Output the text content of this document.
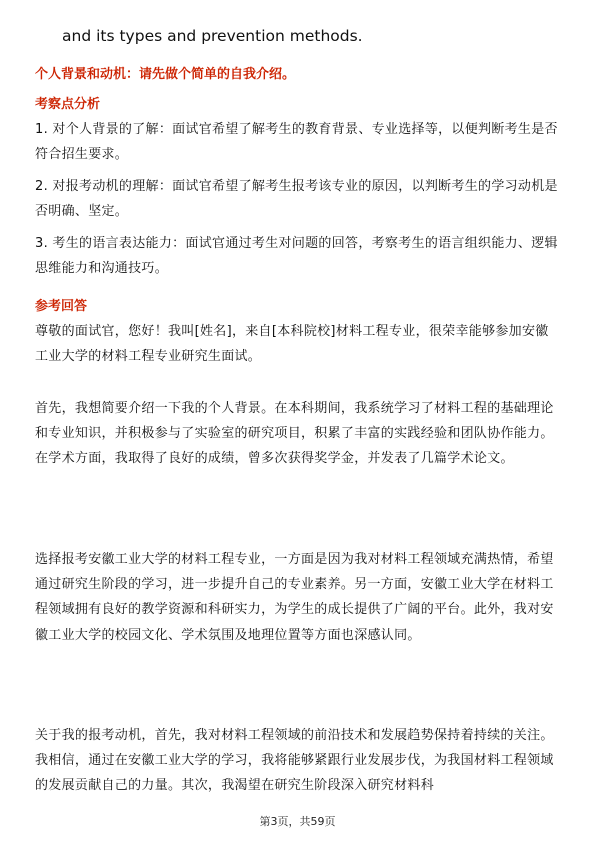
and its types and prevention methods.
个人背景和动机：请先做个简单的自我介绍。
考察点分析
1. 对个人背景的了解：面试官希望了解考生的教育背景、专业选择等，以便判断考生是否符合招生要求。
2. 对报考动机的理解：面试官希望了解考生报考该专业的原因，以判断考生的学习动机是否明确、坚定。
3. 考生的语言表达能力：面试官通过考生对问题的回答，考察考生的语言组织能力、逻辑思维能力和沟通技巧。
参考回答
尊敬的面试官，您好！我叫[姓名]，来自[本科院校]材料工程专业，很荣幸能够参加安徽工业大学的材料工程专业研究生面试。
首先，我想简要介绍一下我的个人背景。在本科期间，我系统学习了材料工程的基础理论和专业知识，并积极参与了实验室的研究项目，积累了丰富的实践经验和团队协作能力。在学术方面，我取得了良好的成绩，曾多次获得奖学金，并发表了几篇学术论文。
选择报考安徽工业大学的材料工程专业，一方面是因为我对材料工程领域充满热情，希望通过研究生阶段的学习，进一步提升自己的专业素养。另一方面，安徽工业大学在材料工程领域拥有良好的教学资源和科研实力，为学生的成长提供了广阔的平台。此外，我对安徽工业大学的校园文化、学术氛围及地理位置等方面也深感认同。
关于我的报考动机，首先，我对材料工程领域的前沿技术和发展趋势保持着持续的关注。我相信，通过在安徽工业大学的学习，我将能够紧跟行业发展步伐，为我国材料工程领域的发展贡献自己的力量。其次，我渴望在研究生阶段深入研究材料科
第3页，共59页
